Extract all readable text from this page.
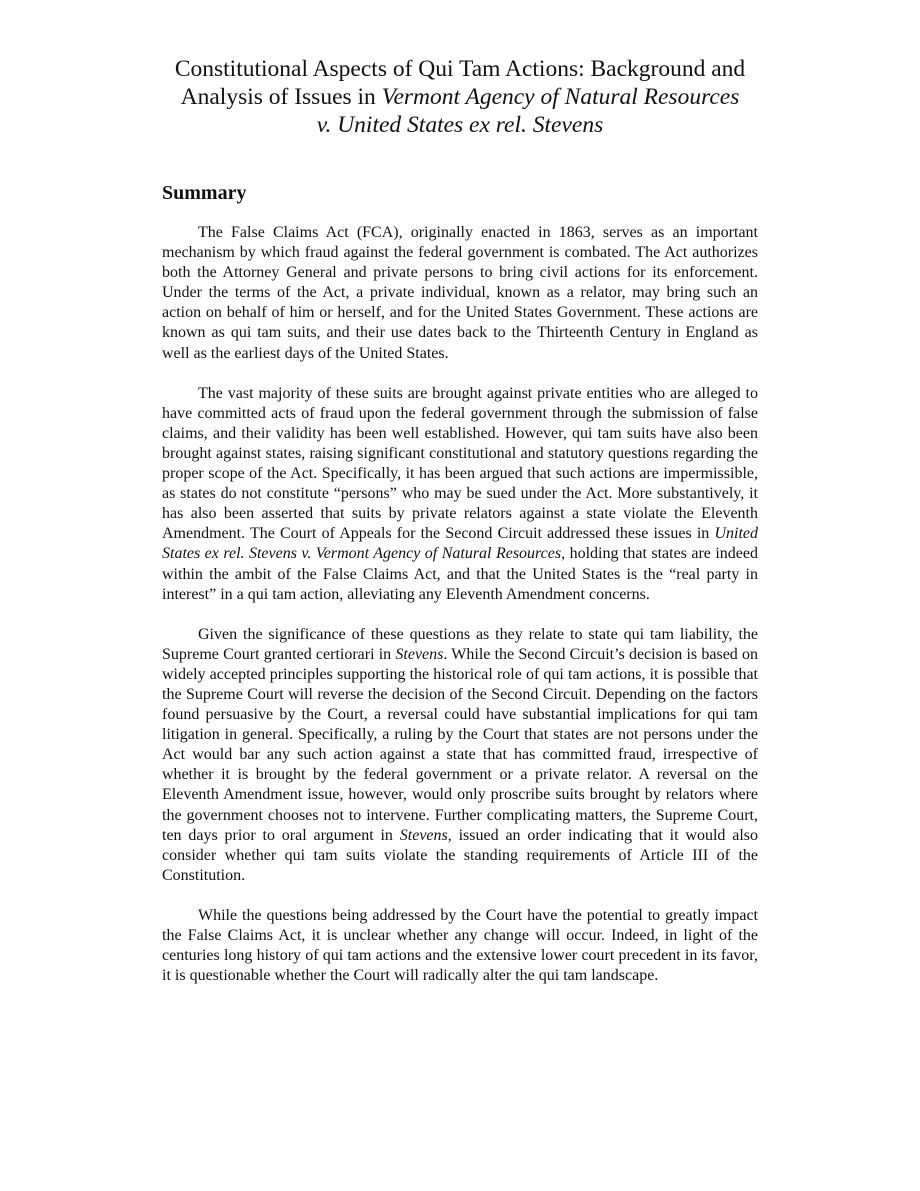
Constitutional Aspects of Qui Tam Actions: Background and
Analysis of Issues in Vermont Agency of Natural Resources
v. United States ex rel. Stevens
Summary

The False Claims Act (FCA), originally enacted in 1863, serves as an important mechanism by which fraud against the federal government is combated. The Act authorizes both the Attorney General and private persons to bring civil actions for its enforcement. Under the terms of the Act, a private individual, known as a relator, may bring such an action on behalf of him or herself, and for the United States Government. These actions are known as qui tam suits, and their use dates back to the Thirteenth Century in England as well as the earliest days of the United States.

The vast majority of these suits are brought against private entities who are alleged to have committed acts of fraud upon the federal government through the submission of false claims, and their validity has been well established. However, qui tam suits have also been brought against states, raising significant constitutional and statutory questions regarding the proper scope of the Act. Specifically, it has been argued that such actions are impermissible, as states do not constitute “persons” who may be sued under the Act. More substantively, it has also been asserted that suits by private relators against a state violate the Eleventh Amendment. The Court of Appeals for the Second Circuit addressed these issues in United States ex rel. Stevens v. Vermont Agency of Natural Resources, holding that states are indeed within the ambit of the False Claims Act, and that the United States is the “real party in interest” in a qui tam action, alleviating any Eleventh Amendment concerns.

Given the significance of these questions as they relate to state qui tam liability, the Supreme Court granted certiorari in Stevens. While the Second Circuit’s decision is based on widely accepted principles supporting the historical role of qui tam actions, it is possible that the Supreme Court will reverse the decision of the Second Circuit. Depending on the factors found persuasive by the Court, a reversal could have substantial implications for qui tam litigation in general. Specifically, a ruling by the Court that states are not persons under the Act would bar any such action against a state that has committed fraud, irrespective of whether it is brought by the federal government or a private relator. A reversal on the Eleventh Amendment issue, however, would only proscribe suits brought by relators where the government chooses not to intervene. Further complicating matters, the Supreme Court, ten days prior to oral argument in Stevens, issued an order indicating that it would also consider whether qui tam suits violate the standing requirements of Article III of the Constitution.

While the questions being addressed by the Court have the potential to greatly impact the False Claims Act, it is unclear whether any change will occur. Indeed, in light of the centuries long history of qui tam actions and the extensive lower court precedent in its favor, it is questionable whether the Court will radically alter the qui tam landscape.
